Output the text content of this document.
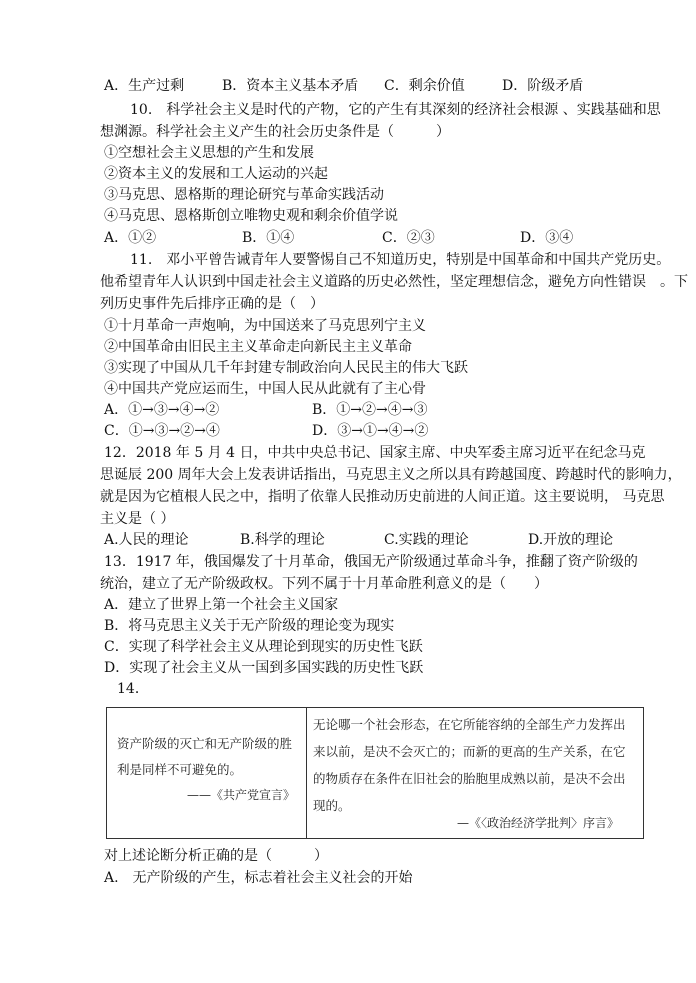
A．生产过剩	B．资本主义基本矛盾 C．剩余价值	D．阶级矛盾
10.　科学社会主义是时代的产物，它的产生有其深刻的经济社会根源 、实践基础和思
想渊源。科学社会主义产生的社会历史条件是（　　　）
①空想社会主义思想的产生和发展
②资本主义的发展和工人运动的兴起
③马克思、恩格斯的理论研究与革命实践活动
④马克思、恩格斯创立唯物史观和剩余价值学说
A．①②	B．①④	C．②③	D．③④
11.　邓小平曾告诫青年人要警惕自己不知道历史，特别是中国革命和中国共产党历史。
他希望青年人认识到中国走社会主义道路的历史必然性，坚定理想信念，避免方向性错误　。下
列历史事件先后排序正确的是（　）
①十月革命一声炮响，为中国送来了马克思列宁主义
②中国革命由旧民主主义革命走向新民主主义革命
③实现了中国从几千年封建专制政治向人民民主的伟大飞跃
④中国共产党应运而生，中国人民从此就有了主心骨
A．①→③→④→②	B．①→②→④→③
C．①→③→②→④	D．③→①→④→②
12．2018 年 5 月 4 日，中共中央总书记、国家主席、中央军委主席习近平在纪念马克
思诞辰 200 周年大会上发表讲话指出，马克思主义之所以具有跨越国度、跨越时代的影响力，
就是因为它植根人民之中，指明了依靠人民推动历史前进的人间正道。这主要说明， 马克思
主义是（ ）
A.人民的理论	B.科学的理论	C.实践的理论	D.开放的理论
13．1917 年，俄国爆发了十月革命，俄国无产阶级通过革命斗争，推翻了资产阶级的
统治，建立了无产阶级政权。下列不属于十月革命胜利意义的是（　　）
A．建立了世界上第一个社会主义国家
B．将马克思主义关于无产阶级的理论变为现实
C．实现了科学社会主义从理论到现实的历史性飞跃
D．实现了社会主义从一国到多国实践的历史性飞跃
14．
资产阶级的灭亡和无产阶级的胜
利是同样不可避免的。
——《共产党宣言》
无论哪一个社会形态，在它所能容纳的全部生产力发挥出
来以前，是决不会灭亡的；而新的更高的生产关系，在它
的物质存在条件在旧社会的胎胞里成熟以前，是决不会出
现的。
—《〈政治经济学批判〉序言》
对上述论断分析正确的是（　　　）
A.　无产阶级的产生，标志着社会主义社会的开始
